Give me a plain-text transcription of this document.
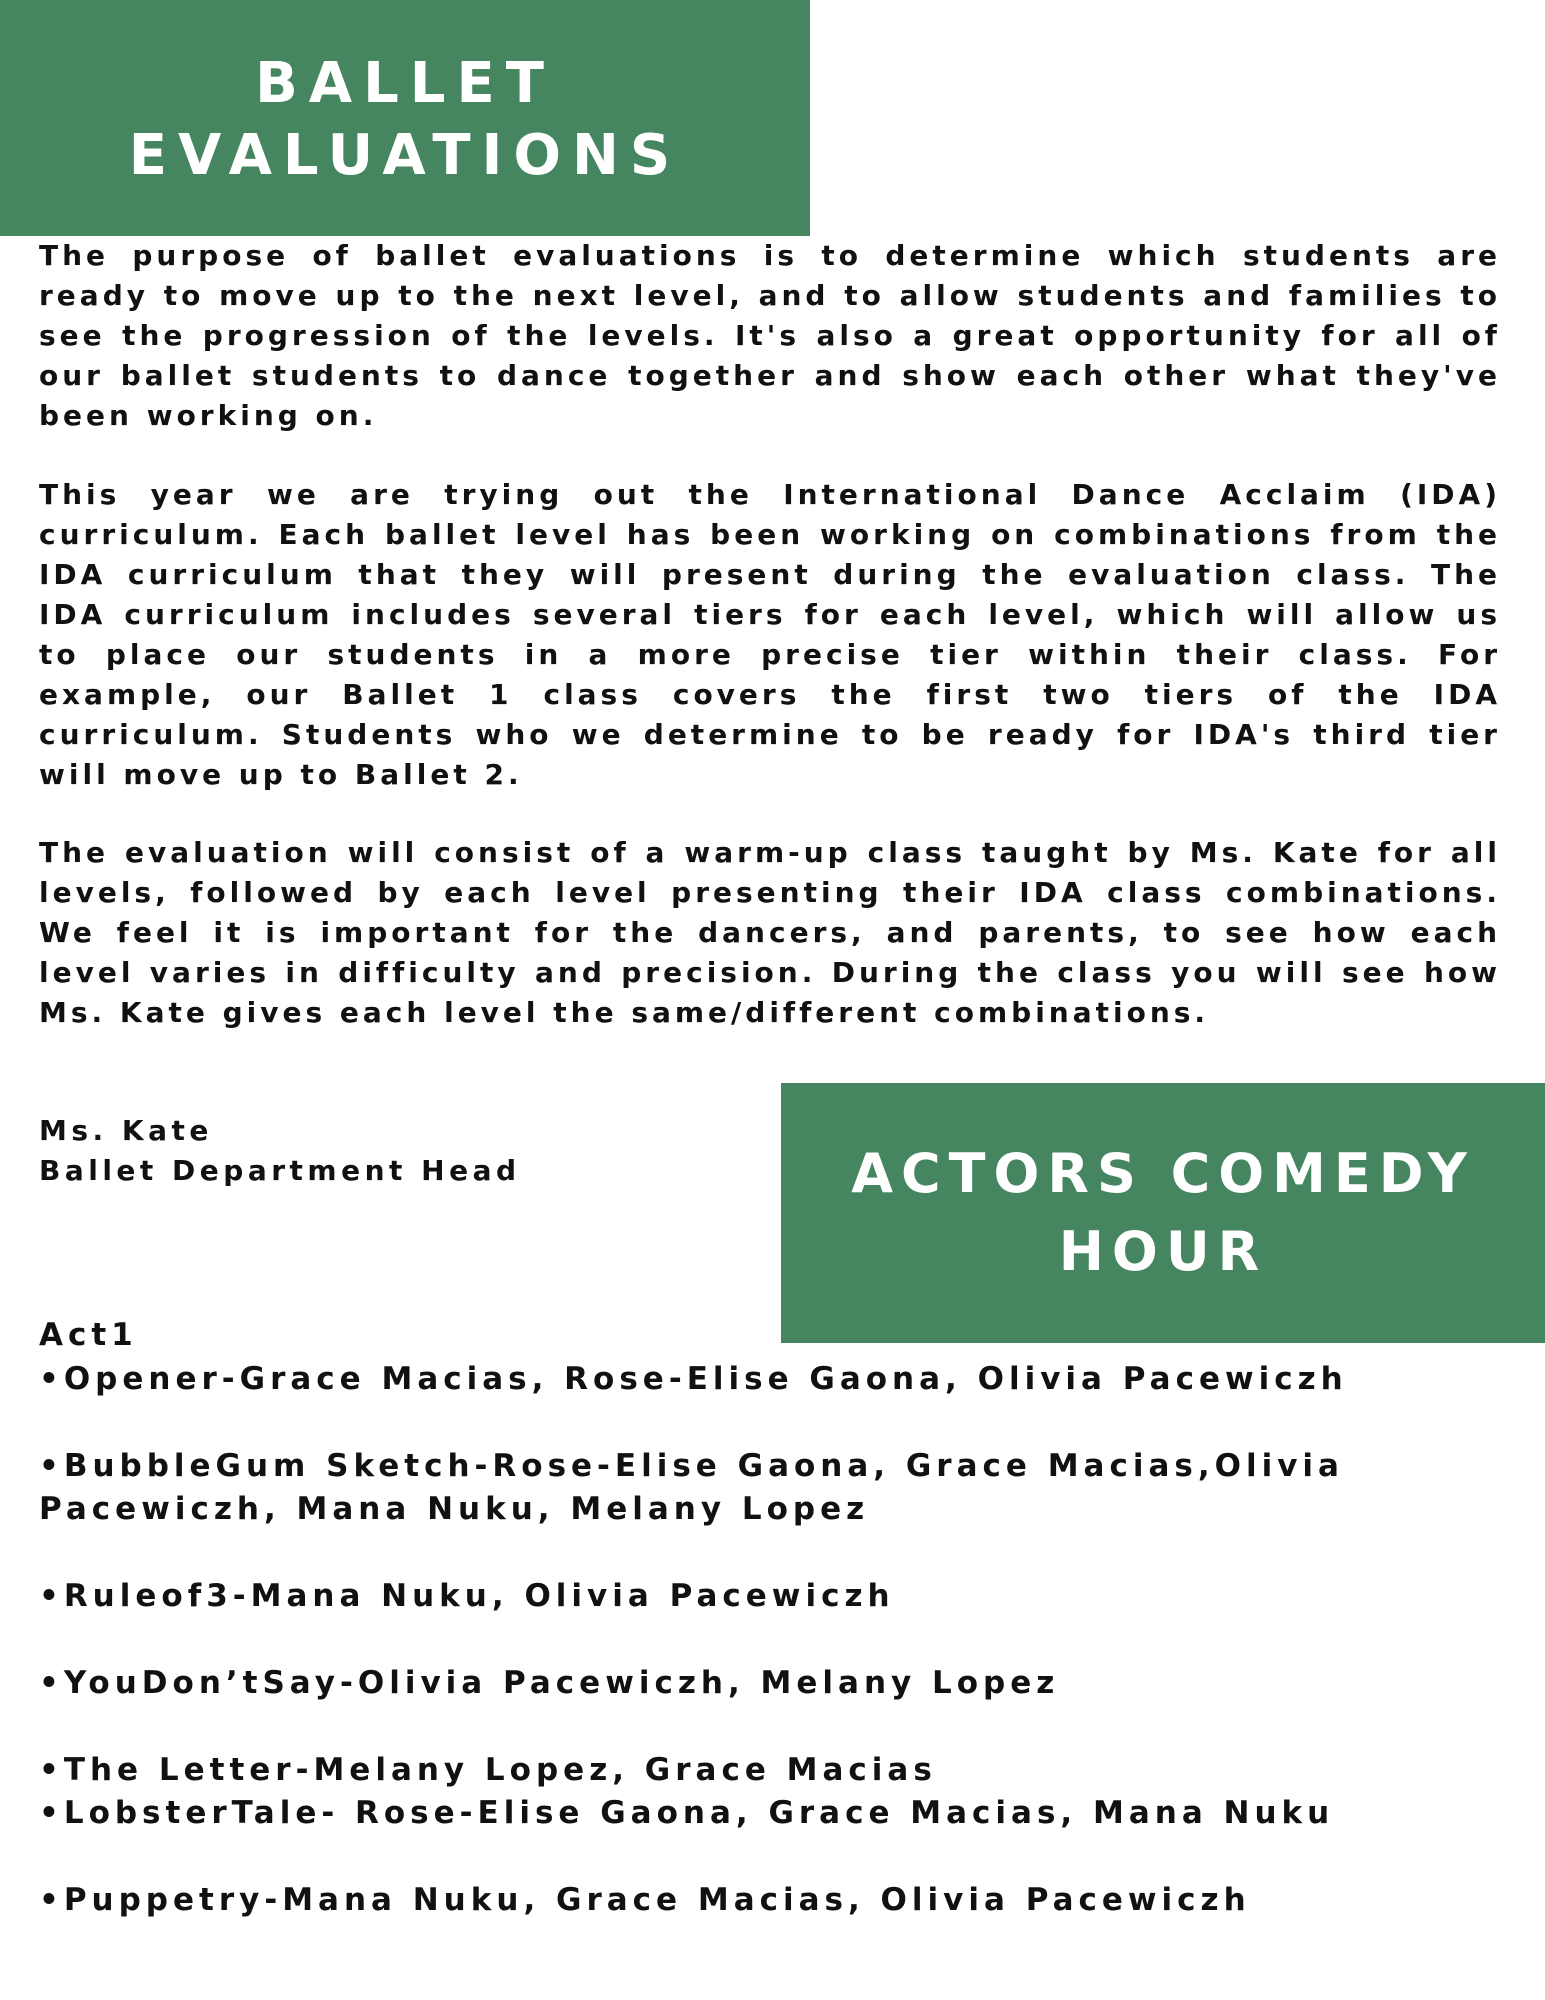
BALLET
EVALUATIONS

The purpose of ballet evaluations is to determine which students are ready to move up to the next level, and to allow students and families to see the progression of the levels. It's also a great opportunity for all of our ballet students to dance together and show each other what they've been working on.

This year we are trying out the International Dance Acclaim (IDA) curriculum. Each ballet level has been working on combinations from the IDA curriculum that they will present during the evaluation class. The IDA curriculum includes several tiers for each level, which will allow us to place our students in a more precise tier within their class. For example, our Ballet 1 class covers the first two tiers of the IDA curriculum. Students who we determine to be ready for IDA's third tier will move up to Ballet 2.

The evaluation will consist of a warm-up class taught by Ms. Kate for all levels, followed by each level presenting their IDA class combinations. We feel it is important for the dancers, and parents, to see how each level varies in difficulty and precision. During the class you will see how Ms. Kate gives each level the same/different combinations.

Ms. Kate
Ballet Department Head	ACTORS COMEDY
HOUR
Act1

•Opener-Grace Macias, Rose-Elise Gaona, Olivia Pacewiczh

•BubbleGum Sketch-Rose-Elise Gaona, Grace Macias,Olivia Pacewiczh, Mana Nuku, Melany Lopez

•Ruleof3-Mana Nuku, Olivia Pacewiczh

•YouDon’tSay-Olivia Pacewiczh, Melany Lopez

•The Letter-Melany Lopez, Grace Macias

•LobsterTale- Rose-Elise Gaona, Grace Macias, Mana Nuku

•Puppetry-Mana Nuku, Grace Macias, Olivia Pacewiczh
